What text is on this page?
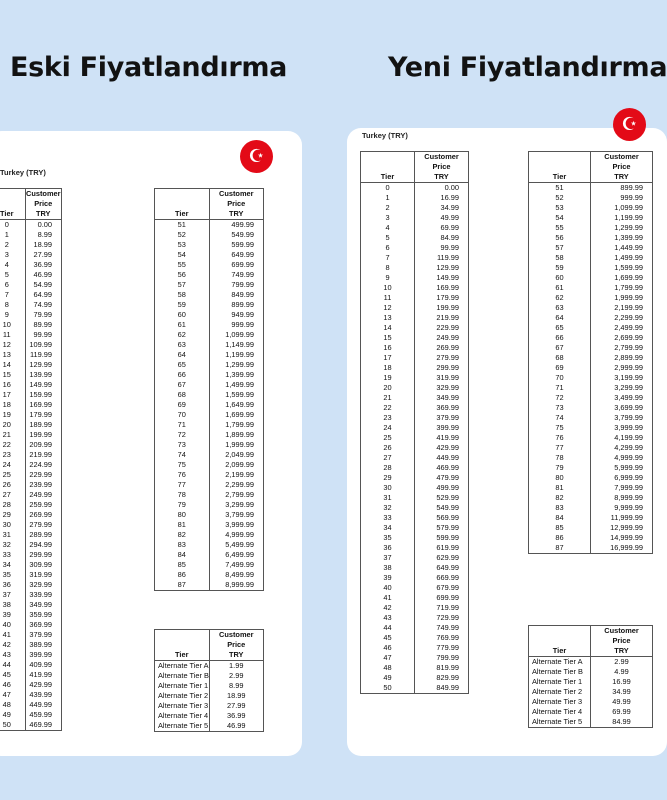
Eski Fiyatlandırma	Yeni Fiyatlandırma
☪
Turkey (TRY)
	Customer
	Price
Tier	TRY
0	0.00
1	8.99
2	18.99
3	27.99
4	36.99
5	46.99
6	54.99
7	64.99
8	74.99
9	79.99
10	89.99
11	99.99
12	109.99
13	119.99
14	129.99
15	139.99
16	149.99
17	159.99
18	169.99
19	179.99
20	189.99
21	199.99
22	209.99
23	219.99
24	224.99
25	229.99
26	239.99
27	249.99
28	259.99
29	269.99
30	279.99
31	289.99
32	294.99
33	299.99
34	309.99
35	319.99
36	329.99
37	339.99
38	349.99
39	359.99
40	369.99
41	379.99
42	389.99
43	399.99
44	409.99
45	419.99
46	429.99
47	439.99
48	449.99
49	459.99
50	469.99
	Customer
	Price
Tier	TRY
51	499.99
52	549.99
53	599.99
54	649.99
55	699.99
56	749.99
57	799.99
58	849.99
59	899.99
60	949.99
61	999.99
62	1,099.99
63	1,149.99
64	1,199.99
65	1,299.99
66	1,399.99
67	1,499.99
68	1,599.99
69	1,649.99
70	1,699.99
71	1,799.99
72	1,899.99
73	1,999.99
74	2,049.99
75	2,099.99
76	2,199.99
77	2,299.99
78	2,799.99
79	3,299.99
80	3,799.99
81	3,999.99
82	4,999.99
83	5,499.99
84	6,499.99
85	7,499.99
86	8,499.99
87	8,999.99
	Customer
	Price
Tier	TRY
Alternate Tier A	1.99
Alternate Tier B	2.99
Alternate Tier 1	8.99
Alternate Tier 2	18.99
Alternate Tier 3	27.99
Alternate Tier 4	36.99
Alternate Tier 5	46.99
☪
Turkey (TRY)
	Customer
	Price
Tier	TRY
0	0.00
1	16.99
2	34.99
3	49.99
4	69.99
5	84.99
6	99.99
7	119.99
8	129.99
9	149.99
10	169.99
11	179.99
12	199.99
13	219.99
14	229.99
15	249.99
16	269.99
17	279.99
18	299.99
19	319.99
20	329.99
21	349.99
22	369.99
23	379.99
24	399.99
25	419.99
26	429.99
27	449.99
28	469.99
29	479.99
30	499.99
31	529.99
32	549.99
33	569.99
34	579.99
35	599.99
36	619.99
37	629.99
38	649.99
39	669.99
40	679.99
41	699.99
42	719.99
43	729.99
44	749.99
45	769.99
46	779.99
47	799.99
48	819.99
49	829.99
50	849.99
	Customer
	Price
Tier	TRY
51	899.99
52	999.99
53	1,099.99
54	1,199.99
55	1,299.99
56	1,399.99
57	1,449.99
58	1,499.99
59	1,599.99
60	1,699.99
61	1,799.99
62	1,999.99
63	2,199.99
64	2,299.99
65	2,499.99
66	2,699.99
67	2,799.99
68	2,899.99
69	2,999.99
70	3,199.99
71	3,299.99
72	3,499.99
73	3,699.99
74	3,799.99
75	3,999.99
76	4,199.99
77	4,299.99
78	4,999.99
79	5,999.99
80	6,999.99
81	7,999.99
82	8,999.99
83	9,999.99
84	11,999.99
85	12,999.99
86	14,999.99
87	16,999.99
	Customer
	Price
Tier	TRY
Alternate Tier A	2.99
Alternate Tier B	4.99
Alternate Tier 1	16.99
Alternate Tier 2	34.99
Alternate Tier 3	49.99
Alternate Tier 4	69.99
Alternate Tier 5	84.99
